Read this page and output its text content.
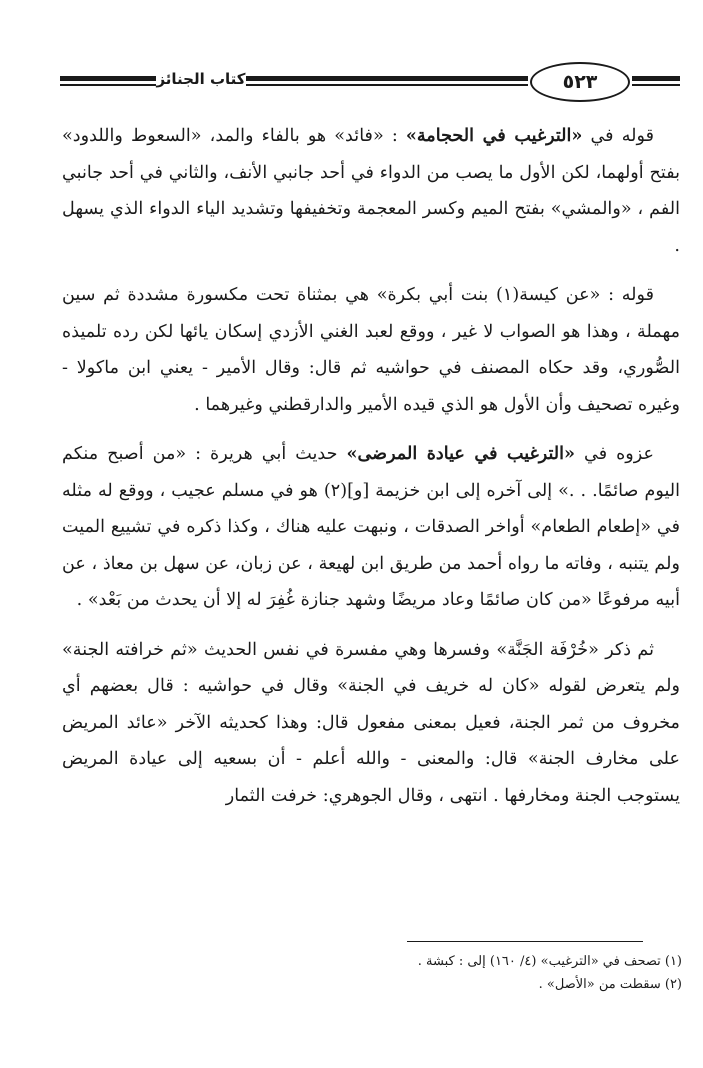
كتاب الجنائز	٥٢٣

قوله في «الترغيب في الحجامة» : «فائد» هو بالفاء والمد، «السعوط واللدود» بفتح أولهما، لكن الأول ما يصب من الدواء في أحد جانبي الأنف، والثاني في أحد جانبي الفم ، «والمشي» بفتح الميم وكسر المعجمة وتخفيفها وتشديد الياء الدواء الذي يسهل .

قوله : «عن كيسة(١) بنت أبي بكرة» هي بمثناة تحت مكسورة مشددة ثم سين مهملة ، وهذا هو الصواب لا غير ، ووقع لعبد الغني الأزدي إسكان يائها لكن رده تلميذه الصُّوري، وقد حكاه المصنف في حواشيه ثم قال: وقال الأمير - يعني ابن ماكولا - وغيره تصحيف وأن الأول هو الذي قيده الأمير والدارقطني وغيرهما .

عزوه في «الترغيب في عيادة المرضى» حديث أبي هريرة : «من أصبح منكم اليوم صائمًا. . .» إلى آخره إلى ابن خزيمة [و](٢) هو في مسلم عجيب ، ووقع له مثله في «إطعام الطعام» أواخر الصدقات ، ونبهت عليه هناك ، وكذا ذكره في تشييع الميت ولم يتنبه ، وفاته ما رواه أحمد من طريق ابن لهيعة ، عن زبان، عن سهل بن معاذ ، عن أبيه مرفوعًا «من كان صائمًا وعاد مريضًا وشهد جنازة غُفِرَ له إلا أن يحدث من بَعْد» .

ثم ذكر «خُرْفَة الجَنَّة» وفسرها وهي مفسرة في نفس الحديث «ثم خرافته الجنة» ولم يتعرض لقوله «كان له خريف في الجنة» وقال في حواشيه : قال بعضهم أي مخروف من ثمر الجنة، فعيل بمعنى مفعول قال: وهذا كحديثه الآخر «عائد المريض على مخارف الجنة» قال: والمعنى - والله أعلم - أن بسعيه إلى عيادة المريض يستوجب الجنة ومخارفها . انتهى ، وقال الجوهري: خرفت الثمار

(١) تصحف في «الترغيب» (٤/ ١٦٠) إلى : كبشة .
(٢) سقطت من «الأصل» .
